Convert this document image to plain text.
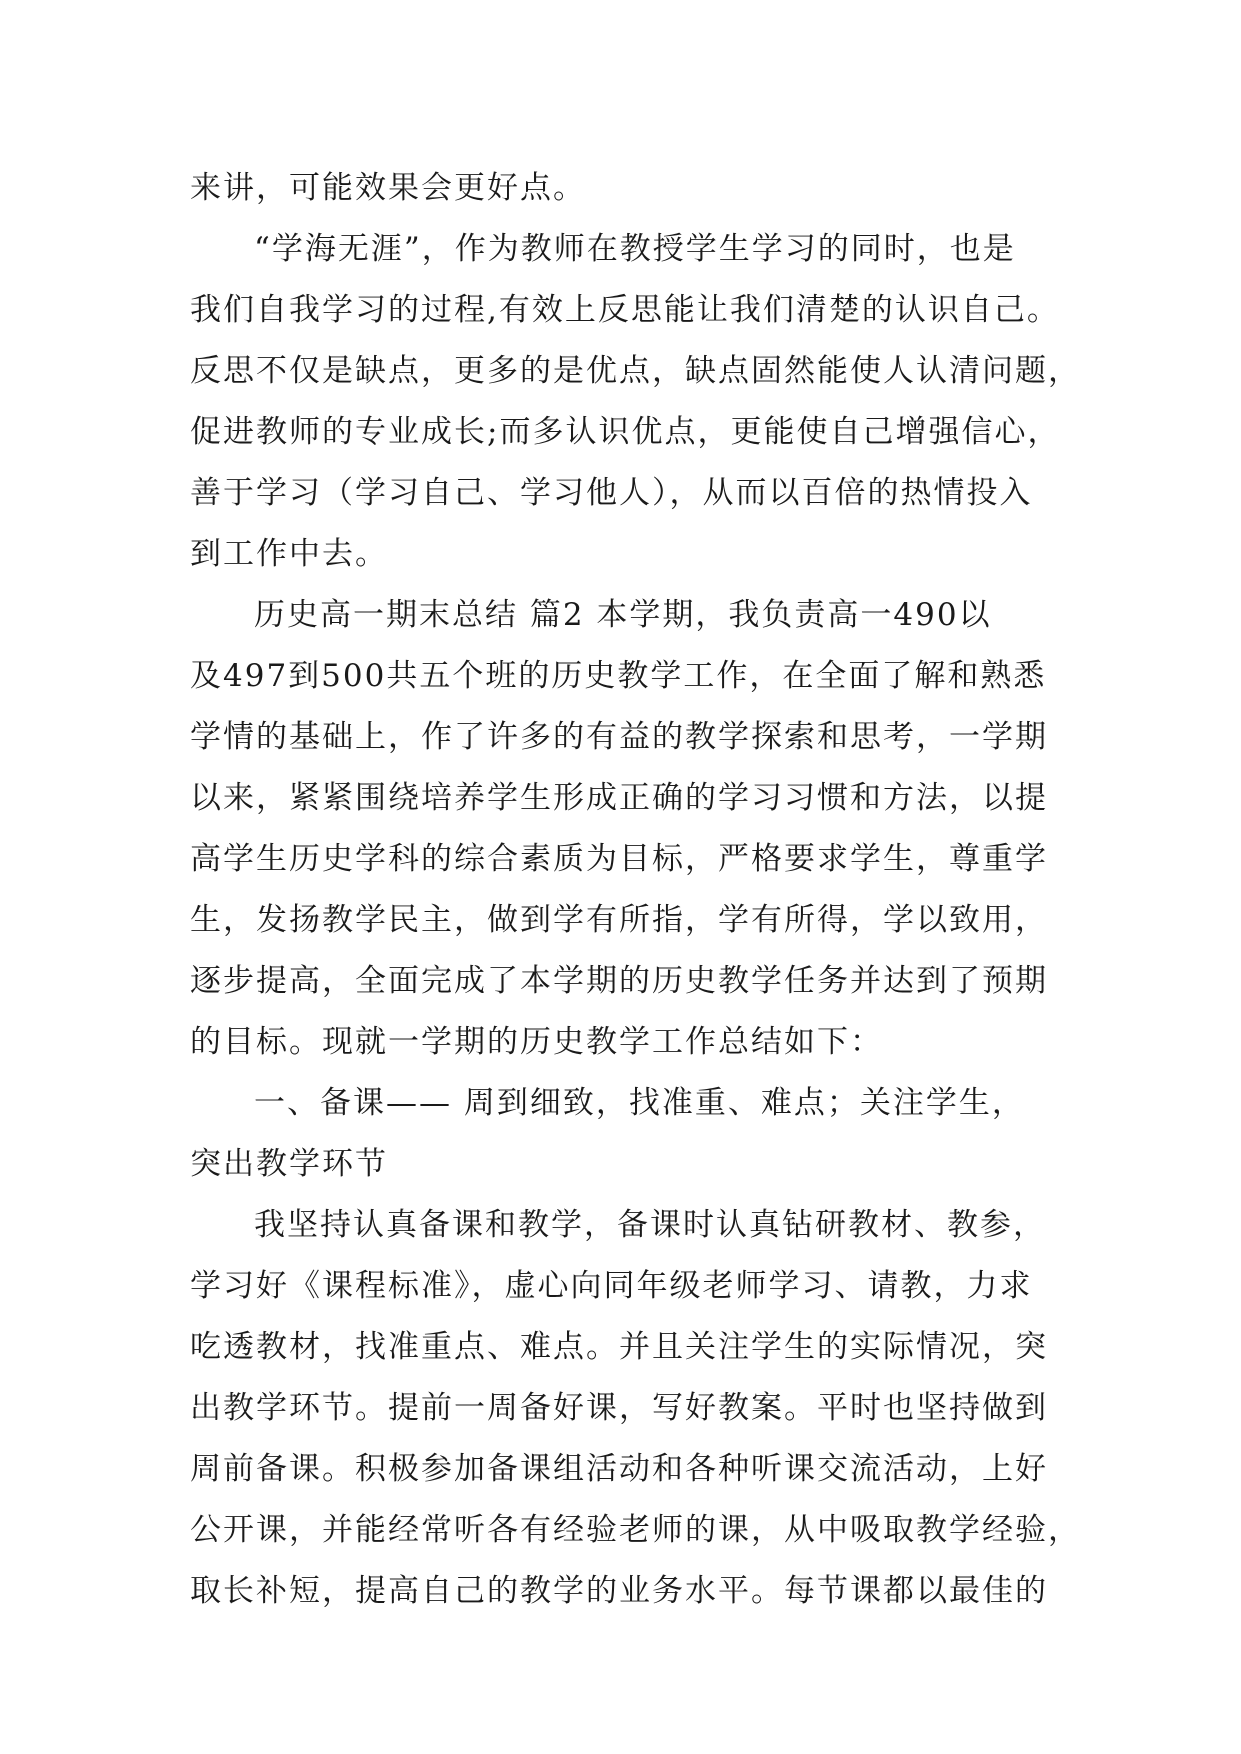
来讲，可能效果会更好点。
“学海无涯”，作为教师在教授学生学习的同时，也是
我们自我学习的过程,有效上反思能让我们清楚的认识自己。
反思不仅是缺点，更多的是优点，缺点固然能使人认清问题，
促进教师的专业成长;而多认识优点，更能使自己增强信心，
善于学习（学习自己、学习他人），从而以百倍的热情投入
到工作中去。
历史高一期末总结 篇2 本学期，我负责高一490以
及497到500共五个班的历史教学工作，在全面了解和熟悉
学情的基础上，作了许多的有益的教学探索和思考，一学期
以来，紧紧围绕培养学生形成正确的学习习惯和方法，以提
高学生历史学科的综合素质为目标，严格要求学生，尊重学
生，发扬教学民主，做到学有所指，学有所得，学以致用，
逐步提高，全面完成了本学期的历史教学任务并达到了预期
的目标。现就一学期的历史教学工作总结如下：
一、备课—— 周到细致，找准重、难点；关注学生，
突出教学环节
我坚持认真备课和教学，备课时认真钻研教材、教参，
学习好《课程标准》，虚心向同年级老师学习、请教，力求
吃透教材，找准重点、难点。并且关注学生的实际情况，突
出教学环节。提前一周备好课，写好教案。平时也坚持做到
周前备课。积极参加备课组活动和各种听课交流活动，上好
公开课，并能经常听各有经验老师的课，从中吸取教学经验，
取长补短，提高自己的教学的业务水平。每节课都以最佳的
